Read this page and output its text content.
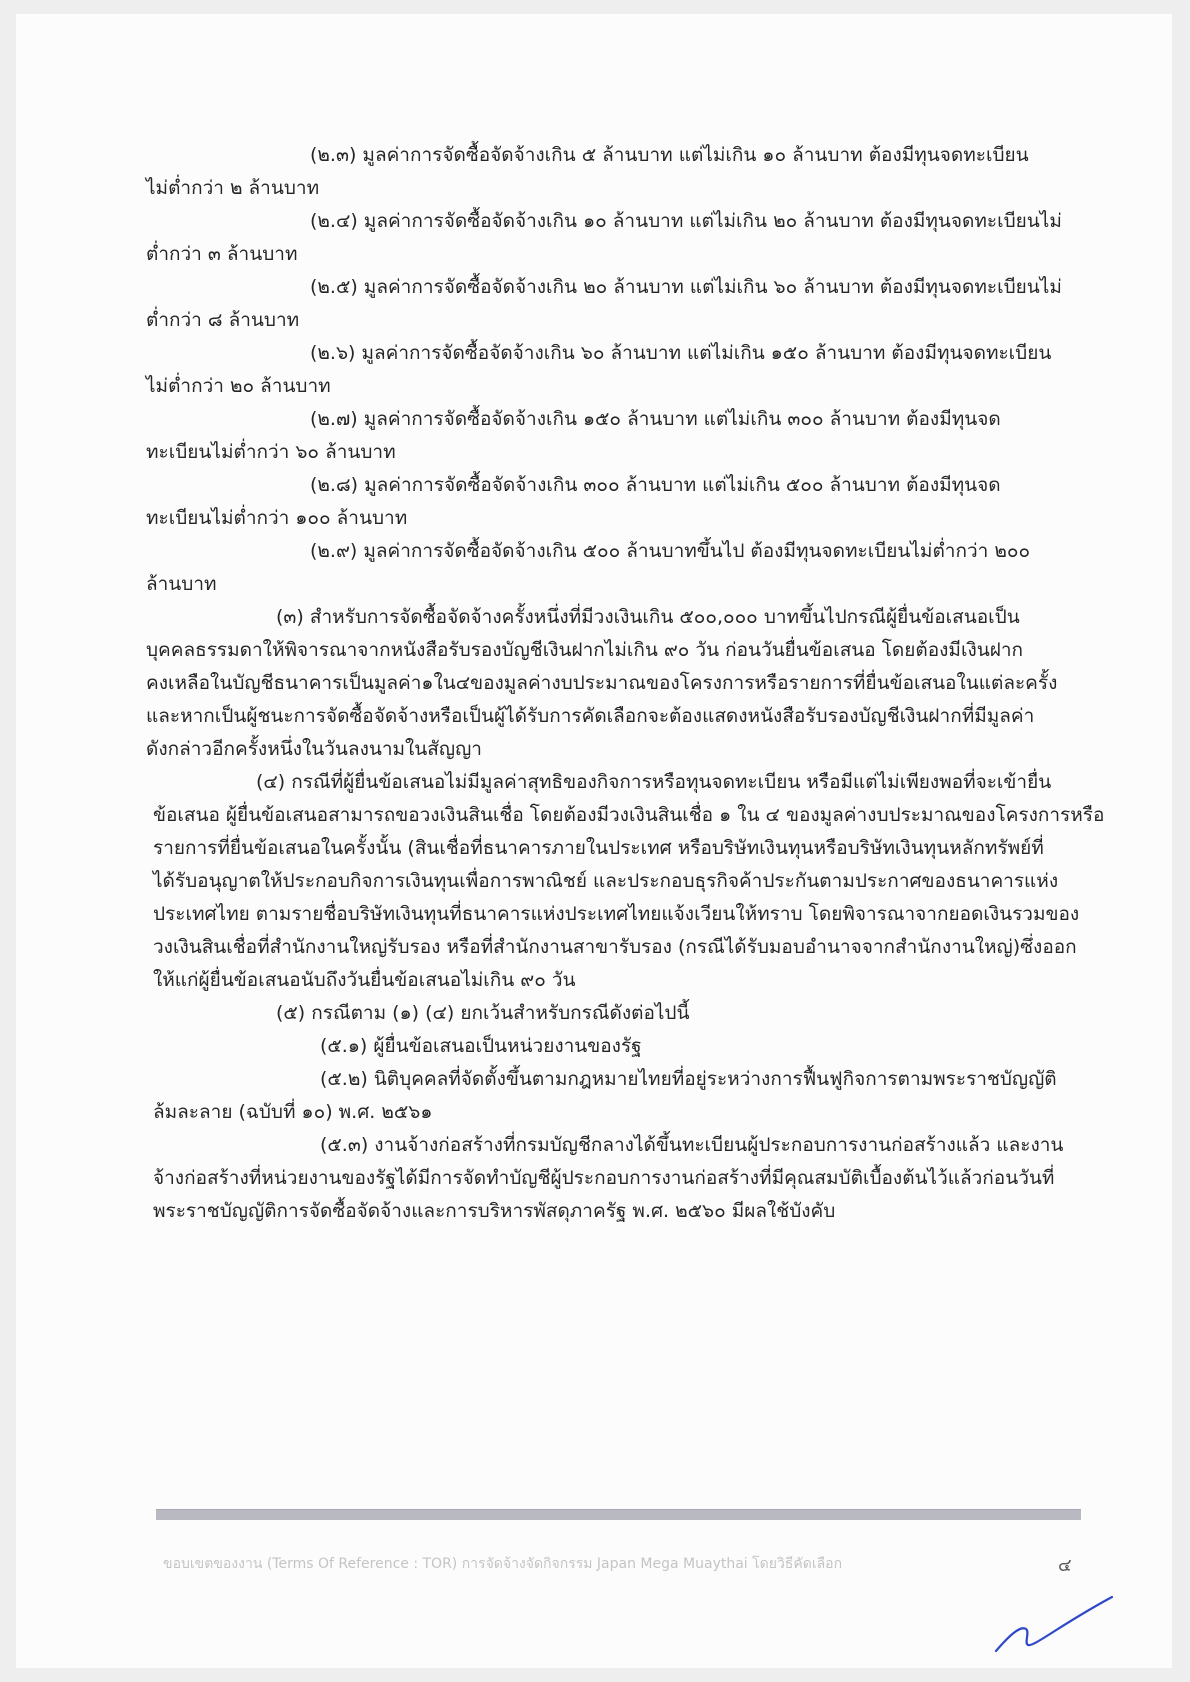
(๒.๓) มูลค่าการจัดซื้อจัดจ้างเกิน ๕ ล้านบาท แต่ไม่เกิน ๑๐ ล้านบาท ต้องมีทุนจดทะเบียน
ไม่ต่ำกว่า ๒ ล้านบาท
(๒.๔) มูลค่าการจัดซื้อจัดจ้างเกิน ๑๐ ล้านบาท แต่ไม่เกิน ๒๐ ล้านบาท ต้องมีทุนจดทะเบียนไม่
ต่ำกว่า ๓ ล้านบาท
(๒.๕) มูลค่าการจัดซื้อจัดจ้างเกิน ๒๐ ล้านบาท แต่ไม่เกิน ๖๐ ล้านบาท ต้องมีทุนจดทะเบียนไม่
ต่ำกว่า ๘ ล้านบาท
(๒.๖) มูลค่าการจัดซื้อจัดจ้างเกิน ๖๐ ล้านบาท แต่ไม่เกิน ๑๕๐ ล้านบาท ต้องมีทุนจดทะเบียน
ไม่ต่ำกว่า ๒๐ ล้านบาท
(๒.๗) มูลค่าการจัดซื้อจัดจ้างเกิน ๑๕๐ ล้านบาท แต่ไม่เกิน ๓๐๐ ล้านบาท ต้องมีทุนจด
ทะเบียนไม่ต่ำกว่า ๖๐ ล้านบาท
(๒.๘) มูลค่าการจัดซื้อจัดจ้างเกิน ๓๐๐ ล้านบาท แต่ไม่เกิน ๕๐๐ ล้านบาท ต้องมีทุนจด
ทะเบียนไม่ต่ำกว่า ๑๐๐ ล้านบาท
(๒.๙) มูลค่าการจัดซื้อจัดจ้างเกิน ๕๐๐ ล้านบาทขึ้นไป ต้องมีทุนจดทะเบียนไม่ต่ำกว่า ๒๐๐
ล้านบาท
(๓) สำหรับการจัดซื้อจัดจ้างครั้งหนึ่งที่มีวงเงินเกิน ๕๐๐,๐๐๐ บาทขึ้นไปกรณีผู้ยื่นข้อเสนอเป็น
บุคคลธรรมดาให้พิจารณาจากหนังสือรับรองบัญชีเงินฝากไม่เกิน ๙๐ วัน ก่อนวันยื่นข้อเสนอ โดยต้องมีเงินฝาก
คงเหลือในบัญชีธนาคารเป็นมูลค่า๑ใน๔ของมูลค่างบประมาณของโครงการหรือรายการที่ยื่นข้อเสนอในแต่ละครั้ง
และหากเป็นผู้ชนะการจัดซื้อจัดจ้างหรือเป็นผู้ได้รับการคัดเลือกจะต้องแสดงหนังสือรับรองบัญชีเงินฝากที่มีมูลค่า
ดังกล่าวอีกครั้งหนึ่งในวันลงนามในสัญญา
(๔) กรณีที่ผู้ยื่นข้อเสนอไม่มีมูลค่าสุทธิของกิจการหรือทุนจดทะเบียน หรือมีแต่ไม่เพียงพอที่จะเข้ายื่น
ข้อเสนอ ผู้ยื่นข้อเสนอสามารถขอวงเงินสินเชื่อ โดยต้องมีวงเงินสินเชื่อ ๑ ใน ๔ ของมูลค่างบประมาณของโครงการหรือ
รายการที่ยื่นข้อเสนอในครั้งนั้น (สินเชื่อที่ธนาคารภายในประเทศ หรือบริษัทเงินทุนหรือบริษัทเงินทุนหลักทรัพย์ที่
ได้รับอนุญาตให้ประกอบกิจการเงินทุนเพื่อการพาณิชย์ และประกอบธุรกิจค้าประกันตามประกาศของธนาคารแห่ง
ประเทศไทย ตามรายชื่อบริษัทเงินทุนที่ธนาคารแห่งประเทศไทยแจ้งเวียนให้ทราบ โดยพิจารณาจากยอดเงินรวมของ
วงเงินสินเชื่อที่สำนักงานใหญ่รับรอง หรือที่สำนักงานสาขารับรอง (กรณีได้รับมอบอำนาจจากสำนักงานใหญ่)ซึ่งออก
ให้แก่ผู้ยื่นข้อเสนอนับถึงวันยื่นข้อเสนอไม่เกิน ๙๐ วัน
(๕) กรณีตาม (๑) (๔) ยกเว้นสำหรับกรณีดังต่อไปนี้
(๕.๑) ผู้ยื่นข้อเสนอเป็นหน่วยงานของรัฐ
(๕.๒) นิติบุคคลที่จัดตั้งขึ้นตามกฎหมายไทยที่อยู่ระหว่างการฟื้นฟูกิจการตามพระราชบัญญัติ
ล้มละลาย (ฉบับที่ ๑๐) พ.ศ. ๒๕๖๑
(๕.๓) งานจ้างก่อสร้างที่กรมบัญชีกลางได้ขึ้นทะเบียนผู้ประกอบการงานก่อสร้างแล้ว และงาน
จ้างก่อสร้างที่หน่วยงานของรัฐได้มีการจัดทำบัญชีผู้ประกอบการงานก่อสร้างที่มีคุณสมบัติเบื้องต้นไว้แล้วก่อนวันที่
พระราชบัญญัติการจัดซื้อจัดจ้างและการบริหารพัสดุภาครัฐ พ.ศ. ๒๕๖๐ มีผลใช้บังคับ
ขอบเขตของงาน (Terms Of Reference : TOR) การจัดจ้างจัดกิจกรรม Japan Mega Muaythai โดยวิธีคัดเลือก	๔
